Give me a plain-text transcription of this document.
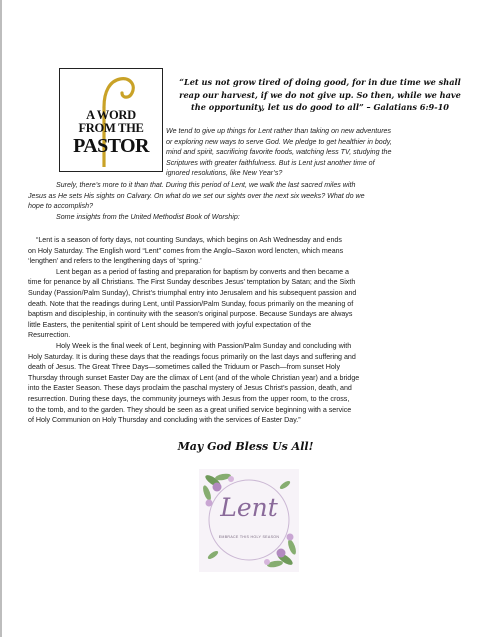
A WORD
FROM THE
PASTOR
“Let us not grow tired of doing good, for in due time we shall
reap our harvest, if we do not give up. So then, while we have
the opportunity, let us do good to all” – Galatians 6:9-10
We tend to give up things for Lent rather than taking on new adventures
or exploring new ways to serve God. We pledge to get healthier in body,
mind and spirit, sacrificing favorite foods, watching less TV, studying the
Scriptures with greater faithfulness. But is Lent just another time of
ignored resolutions, like New Year’s?
Surely, there’s more to it than that. During this period of Lent, we walk the last sacred miles with
Jesus as He sets His sights on Calvary. On what do we set our sights over the next six weeks? What do we
hope to accomplish?
Some insights from the United Methodist Book of Worship:
“Lent is a season of forty days, not counting Sundays, which begins on Ash Wednesday and ends
on Holy Saturday. The English word “Lent” comes from the Anglo–Saxon word lencten, which means
‘lengthen’ and refers to the lengthening days of ‘spring.’
Lent began as a period of fasting and preparation for baptism by converts and then became a
time for penance by all Christians. The First Sunday describes Jesus’ temptation by Satan; and the Sixth
Sunday (Passion/Palm Sunday), Christ’s triumphal entry into Jerusalem and his subsequent passion and
death. Note that the readings during Lent, until Passion/Palm Sunday, focus primarily on the meaning of
baptism and discipleship, in continuity with the season’s original purpose. Because Sundays are always
little Easters, the penitential spirit of Lent should be tempered with joyful expectation of the
Resurrection.
Holy Week is the final week of Lent, beginning with Passion/Palm Sunday and concluding with
Holy Saturday. It is during these days that the readings focus primarily on the last days and suffering and
death of Jesus. The Great Three Days—sometimes called the Triduum or Pasch—from sunset Holy
Thursday through sunset Easter Day are the climax of Lent (and of the whole Christian year) and a bridge
into the Easter Season. These days proclaim the paschal mystery of Jesus Christ’s passion, death, and
resurrection. During these days, the community journeys with Jesus from the upper room, to the cross,
to the tomb, and to the garden. They should be seen as a great unified service beginning with a service
of Holy Communion on Holy Thursday and concluding with the services of Easter Day.”
May God Bless Us All!
Lent
EMBRACE THIS HOLY SEASON
